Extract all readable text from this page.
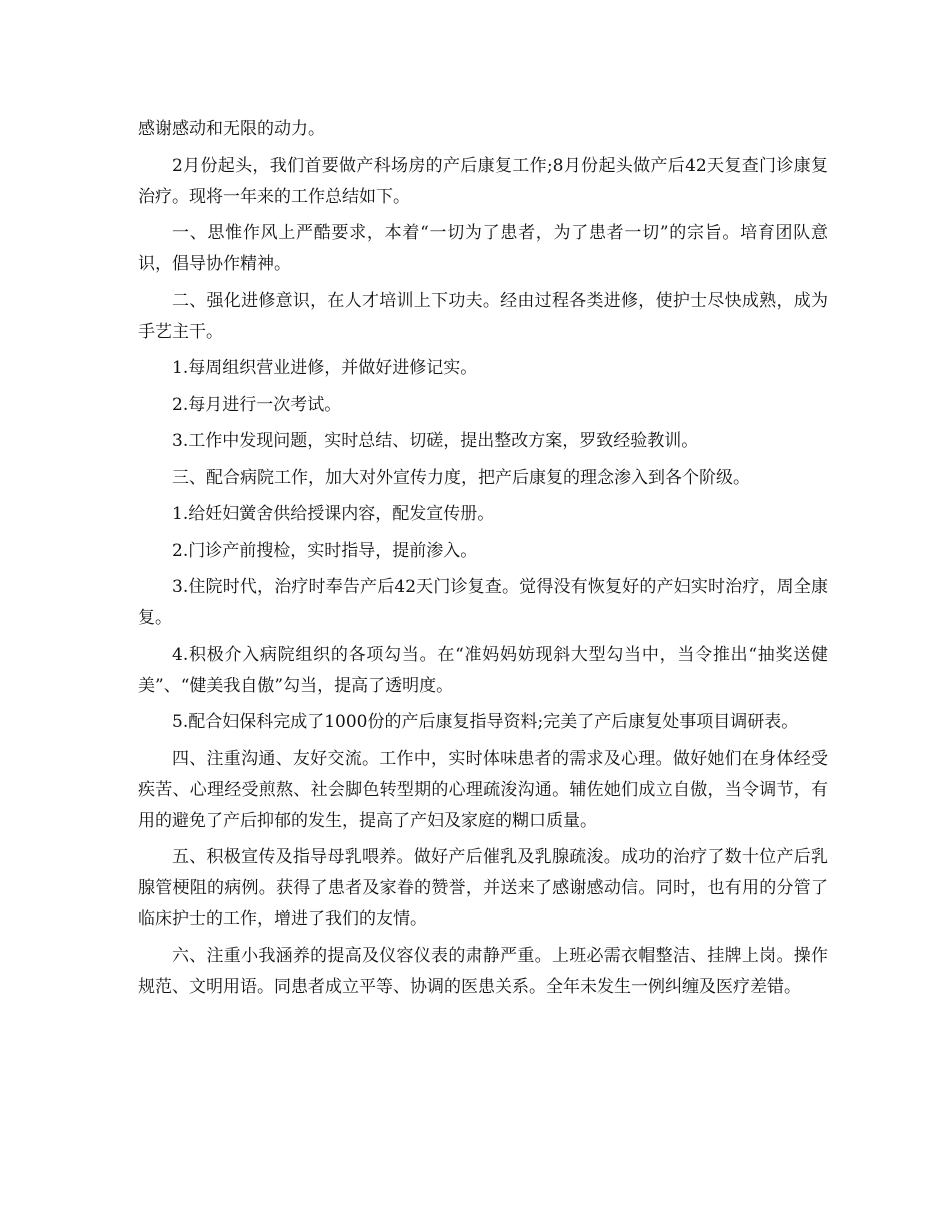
感谢感动和无限的动力。

2月份起头，我们首要做产科场房的产后康复工作;8月份起头做产后42天复查门诊康复治疗。现将一年来的工作总结如下。

一、思惟作风上严酷要求，本着“一切为了患者，为了患者一切”的宗旨。培育团队意识，倡导协作精神。

二、强化进修意识，在人才培训上下功夫。经由过程各类进修，使护士尽快成熟，成为手艺主干。

1.每周组织营业进修，并做好进修记实。

2.每月进行一次考试。

3.工作中发现问题，实时总结、切磋，提出整改方案，罗致经验教训。

三、配合病院工作，加大对外宣传力度，把产后康复的理念渗入到各个阶级。

1.给妊妇黉舍供给授课内容，配发宣传册。

2.门诊产前搜检，实时指导，提前渗入。

3.住院时代，治疗时奉告产后42天门诊复查。觉得没有恢复好的产妇实时治疗，周全康复。

4.积极介入病院组织的各项勾当。在“准妈妈妨现斜大型勾当中，当令推出“抽奖送健美”、“健美我自傲”勾当，提高了透明度。

5.配合妇保科完成了1000份的产后康复指导资料;完美了产后康复处事项目调研表。

四、注重沟通、友好交流。工作中，实时体味患者的需求及心理。做好她们在身体经受疾苦、心理经受煎熬、社会脚色转型期的心理疏浚沟通。辅佐她们成立自傲，当令调节，有用的避免了产后抑郁的发生，提高了产妇及家庭的糊口质量。

五、积极宣传及指导母乳喂养。做好产后催乳及乳腺疏浚。成功的治疗了数十位产后乳腺管梗阻的病例。获得了患者及家眷的赞誉，并送来了感谢感动信。同时，也有用的分管了临床护士的工作，增进了我们的友情。

六、注重小我涵养的提高及仪容仪表的肃静严重。上班必需衣帽整洁、挂牌上岗。操作规范、文明用语。同患者成立平等、协调的医患关系。全年未发生一例纠缠及医疗差错。
